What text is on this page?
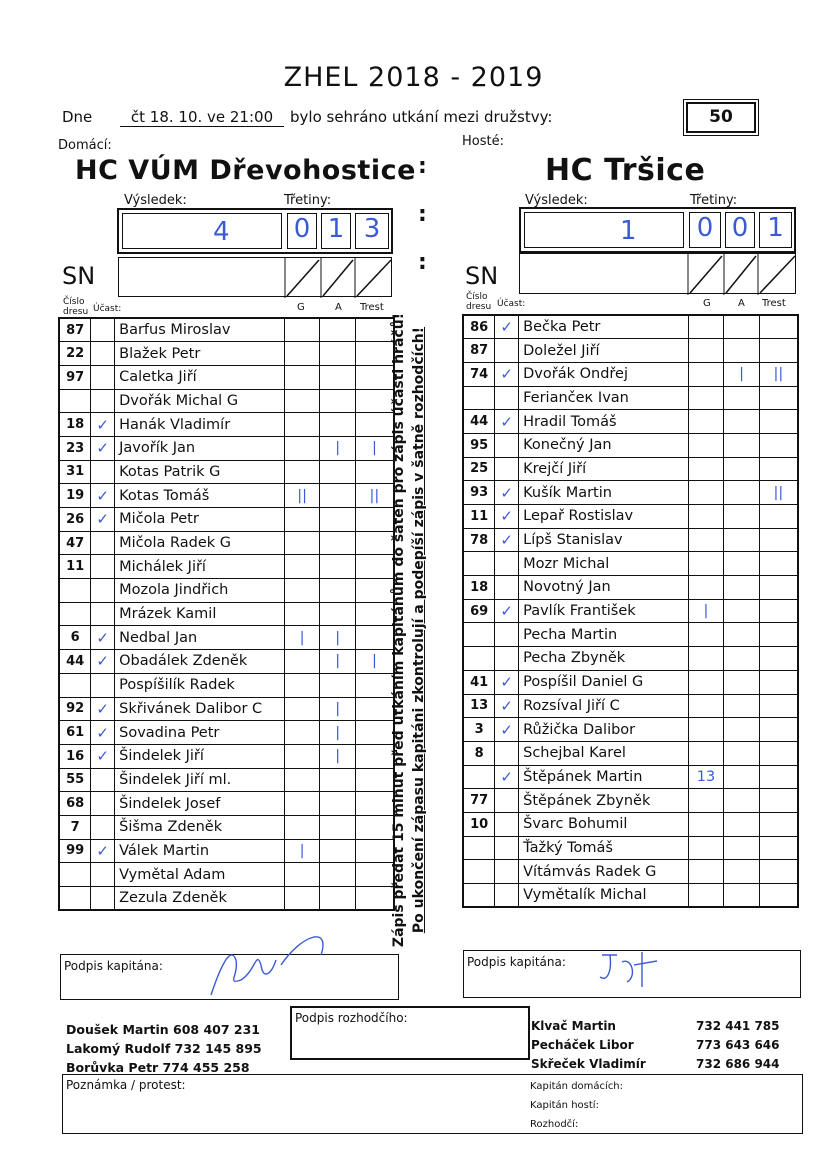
ZHEL 2018 - 2019
Dne	čt 18. 10. ve 21:00	bylo sehráno utkání mezi družstvy:	50
Domácí:	Hosté:
HC VÚM Dřevohostice	HC Tršice
:

:

:
Výsledek:	Třetiny:
4 0 1 3
Výsledek:	Třetiny:
1 0 0 1
SN	SN
Číslo dresu Účast:	G	A Trest
Číslo dresu Účast:	G	A Trest
87		Barfus Miroslav			
22		Blažek Petr			
97		Caletka Jiří			
		Dvořák Michal G			
18	✓	Hanák Vladimír			
23	✓	Javořík Jan		|	|
31		Kotas Patrik G			
19	✓	Kotas Tomáš	||		||
26	✓	Mičola Petr			
47		Mičola Radek G			
11		Michálek Jiří			
		Mozola Jindřich			
		Mrázek Kamil			
6	✓	Nedbal Jan	|	|	
44	✓	Obadálek Zdeněk		|	|
		Pospíšilík Radek			
92	✓	Skřivánek Dalibor C		|	
61	✓	Sovadina Petr		|	
16	✓	Šindelek Jiří		|	
55		Šindelek Jiří ml.			
68		Šindelek Josef			
7		Šišma Zdeněk			
99	✓	Válek Martin	|		
		Vymětal Adam			
		Zezula Zdeněk			
86	✓	Bečka Petr			
87		Doležel Jiří			
74	✓	Dvořák Ondřej		|	||
		Feriančeк Ivan			
44	✓	Hradil Tomáš			
95		Konečný Jan			
25		Krejčí Jiří			
93	✓	Kušík Martin			||
11	✓	Lepař Rostislav			
78	✓	Lípš Stanislav			
		Mozr Michal			
18		Novotný Jan			
69	✓	Pavlík František	|		
		Pecha Martin			
		Pecha Zbyněk			
41	✓	Pospíšil Daniel G			
13	✓	Rozsíval Jiří C			
3	✓	Růžička Dalibor			
8		Schejbal Karel			
	✓	Štěpánek Martin	13		
77		Štěpánek Zbyněk			
10		Švarc Bohumil			
		Ťažký Tomáš			
		Vítámvás Radek G			
		Vymětalík Michal			
Zápis předat 15 minut před utkáním kapitánům do šaten pro zápis účasti hráčů! Po ukončení zápasu kapitáni zkontrolují a podepíší zápis v šatně rozhodčích!
Podpis kapitána:	Podpis kapitána:
Doušek Martin 608 407 231
Lakomý Rudolf 732 145 895
Borůvka Petr 774 455 258
Podpis rozhodčího:
Klvač Martin
Pecháček Libor
Skřeček Vladimír
732 441 785
773 643 646
732 686 944
Poznámka / protest:	Kapitán domácích:
Kapitán hostí:
Rozhodčí:
